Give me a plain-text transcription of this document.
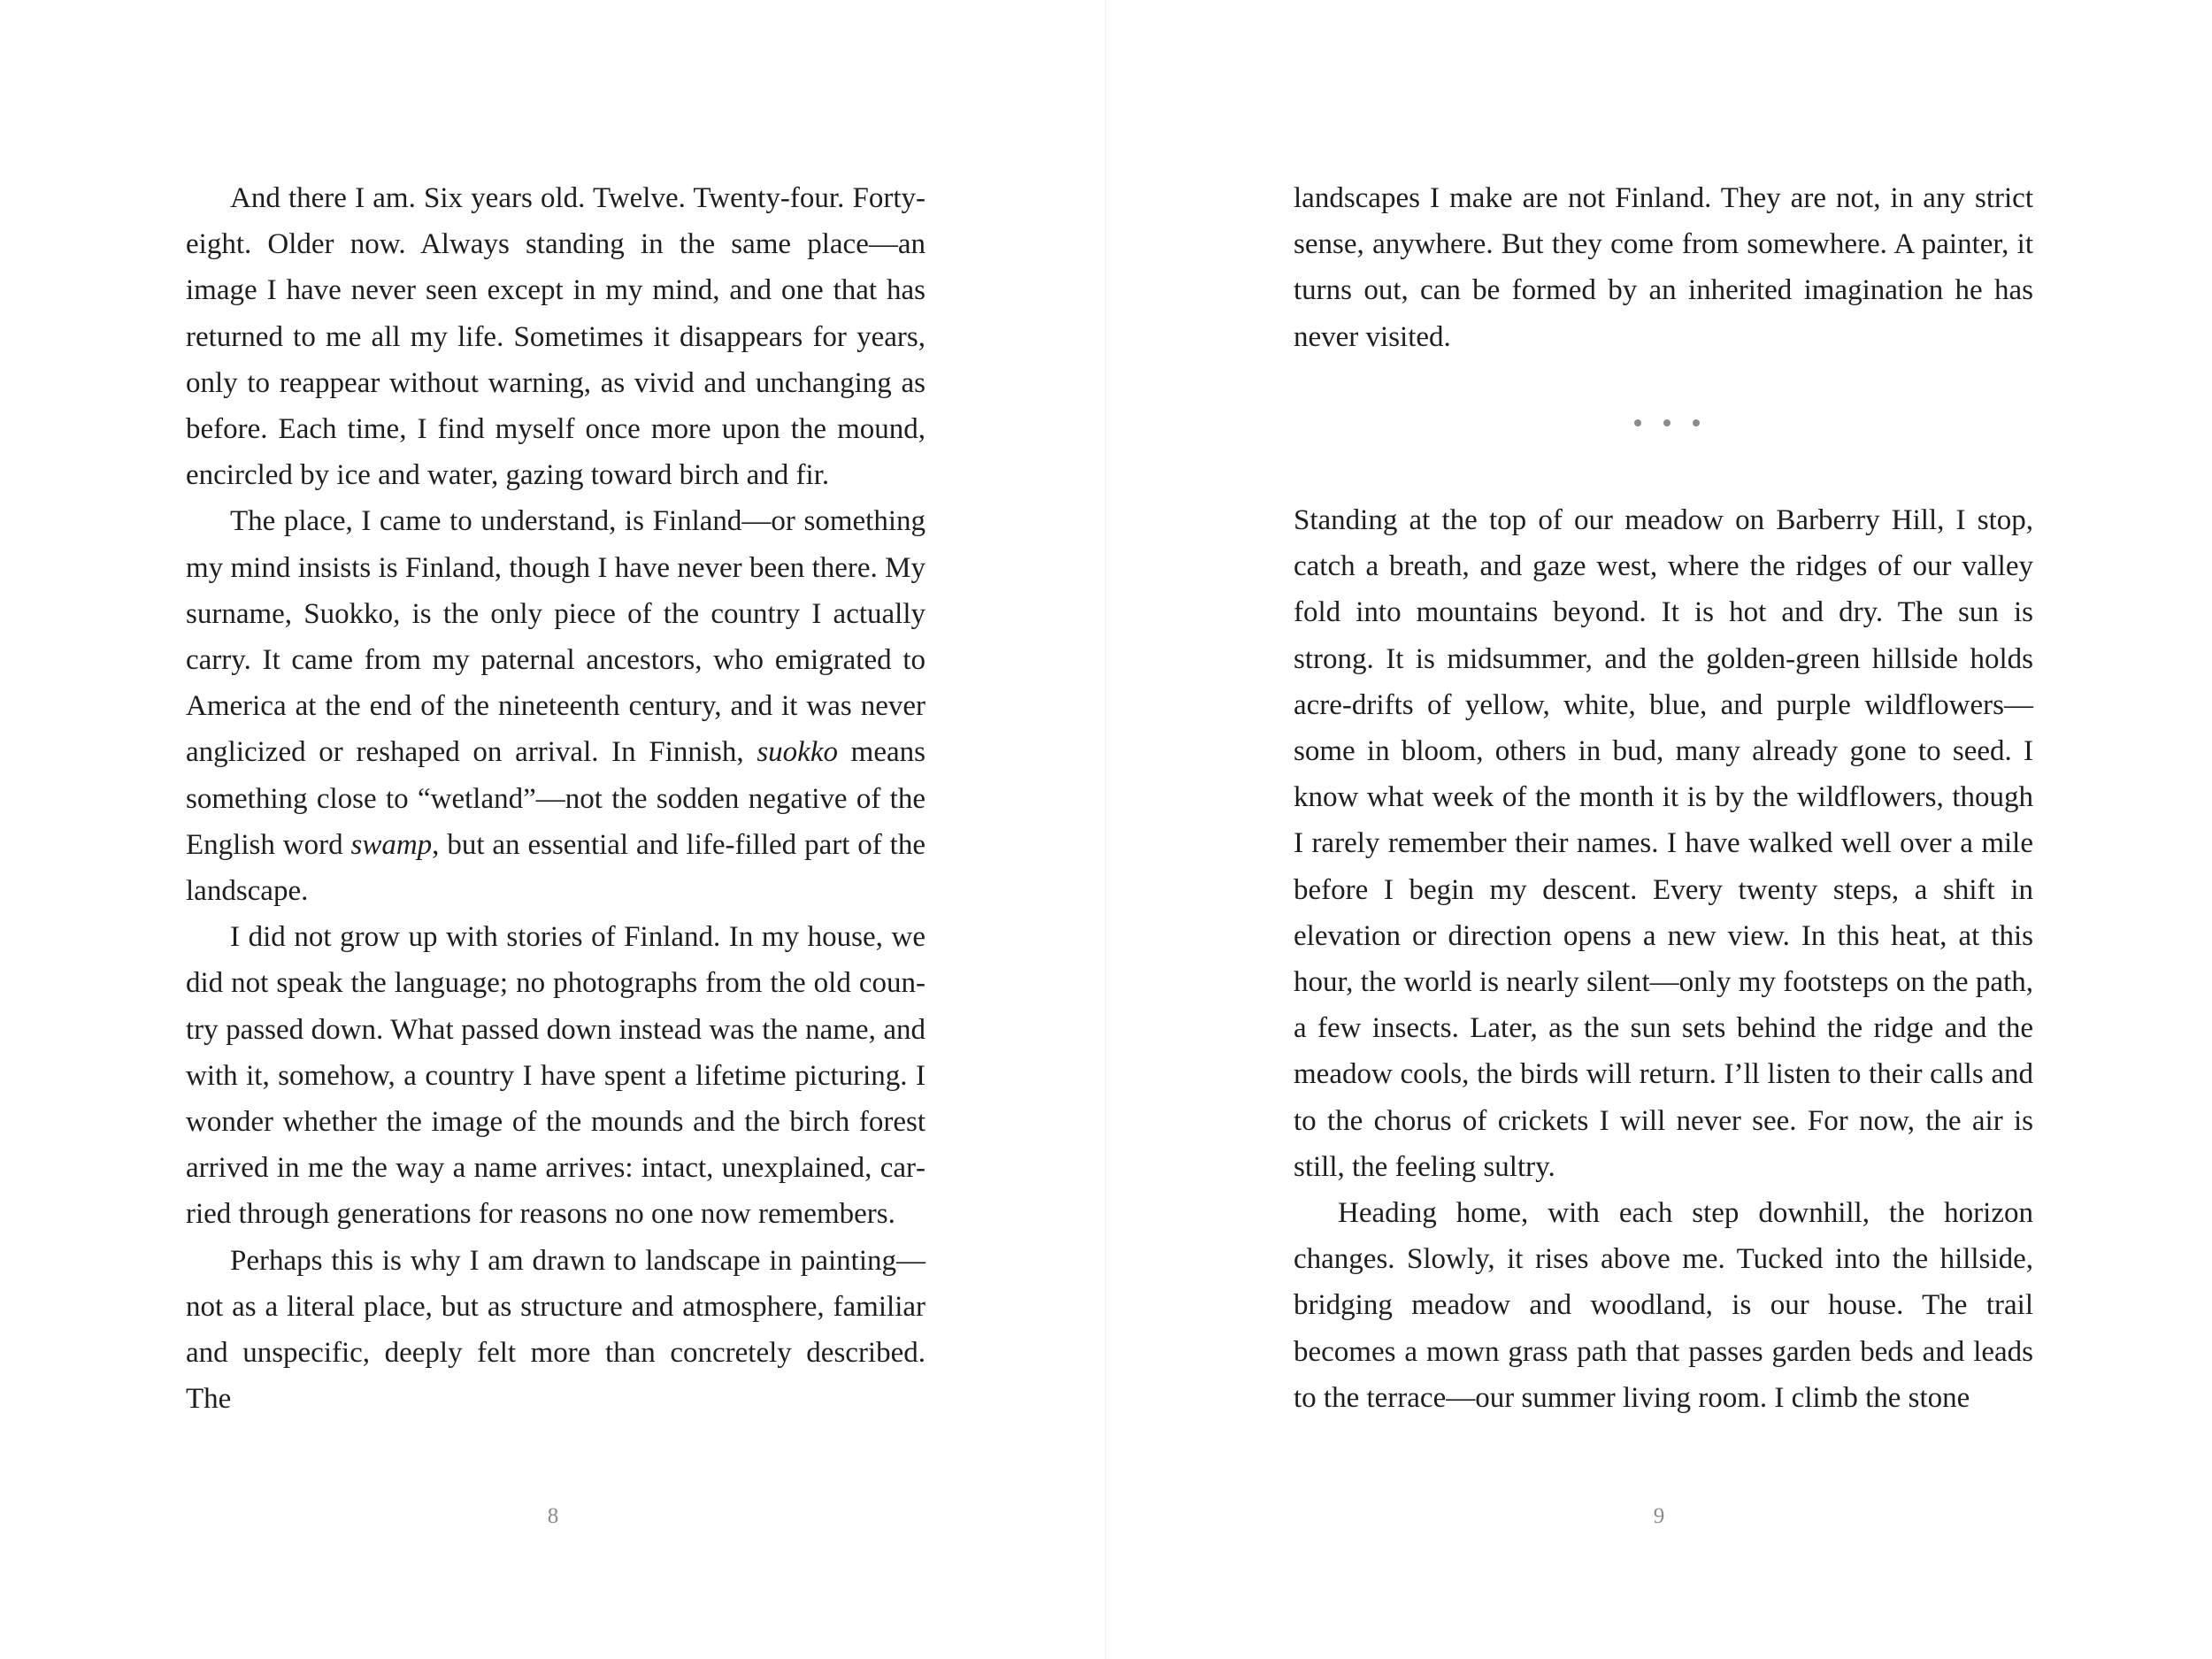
And there I am. Six years old. Twelve. Twenty-four. Forty-eight. Older now. Always standing in the same place—an image I have never seen except in my mind, and one that has returned to me all my life. Sometimes it disappears for years, only to reappear without warning, as vivid and unchanging as before. Each time, I find myself once more upon the mound, encircled by ice and water, gazing toward birch and fir.

The place, I came to understand, is Finland—or something my mind insists is Finland, though I have never been there. My surname, Suokko, is the only piece of the country I actually carry. It came from my paternal ancestors, who emigrated to America at the end of the nineteenth century, and it was never anglicized or reshaped on arrival. In Finnish, suokko means something close to “wetland”—not the sodden negative of the English word swamp, but an essential and life-filled part of the landscape.

I did not grow up with stories of Finland. In my house, we did not speak the language; no photographs from the old country passed down. What passed down instead was the name, and with it, somehow, a country I have spent a lifetime picturing. I wonder whether the image of the mounds and the birch forest arrived in me the way a name arrives: intact, unexplained, carried through generations for reasons no one now remembers.

Perhaps this is why I am drawn to landscape in painting—not as a literal place, but as structure and atmosphere, familiar and unspecific, deeply felt more than concretely described. The

8

landscapes I make are not Finland. They are not, in any strict sense, anywhere. But they come from somewhere. A painter, it turns out, can be formed by an inherited imagination he has never visited.

Standing at the top of our meadow on Barberry Hill, I stop, catch a breath, and gaze west, where the ridges of our valley fold into mountains beyond. It is hot and dry. The sun is strong. It is midsummer, and the golden-green hillside holds acre-drifts of yellow, white, blue, and purple wildflowers—some in bloom, others in bud, many already gone to seed. I know what week of the month it is by the wildflowers, though I rarely remember their names. I have walked well over a mile before I begin my descent. Every twenty steps, a shift in elevation or direction opens a new view. In this heat, at this hour, the world is nearly silent—only my footsteps on the path, a few insects. Later, as the sun sets behind the ridge and the meadow cools, the birds will return. I’ll listen to their calls and to the chorus of crickets I will never see. For now, the air is still, the feeling sultry.

Heading home, with each step downhill, the horizon changes. Slowly, it rises above me. Tucked into the hillside, bridging meadow and woodland, is our house. The trail becomes a mown grass path that passes garden beds and leads to the terrace—our summer living room. I climb the stone

9
